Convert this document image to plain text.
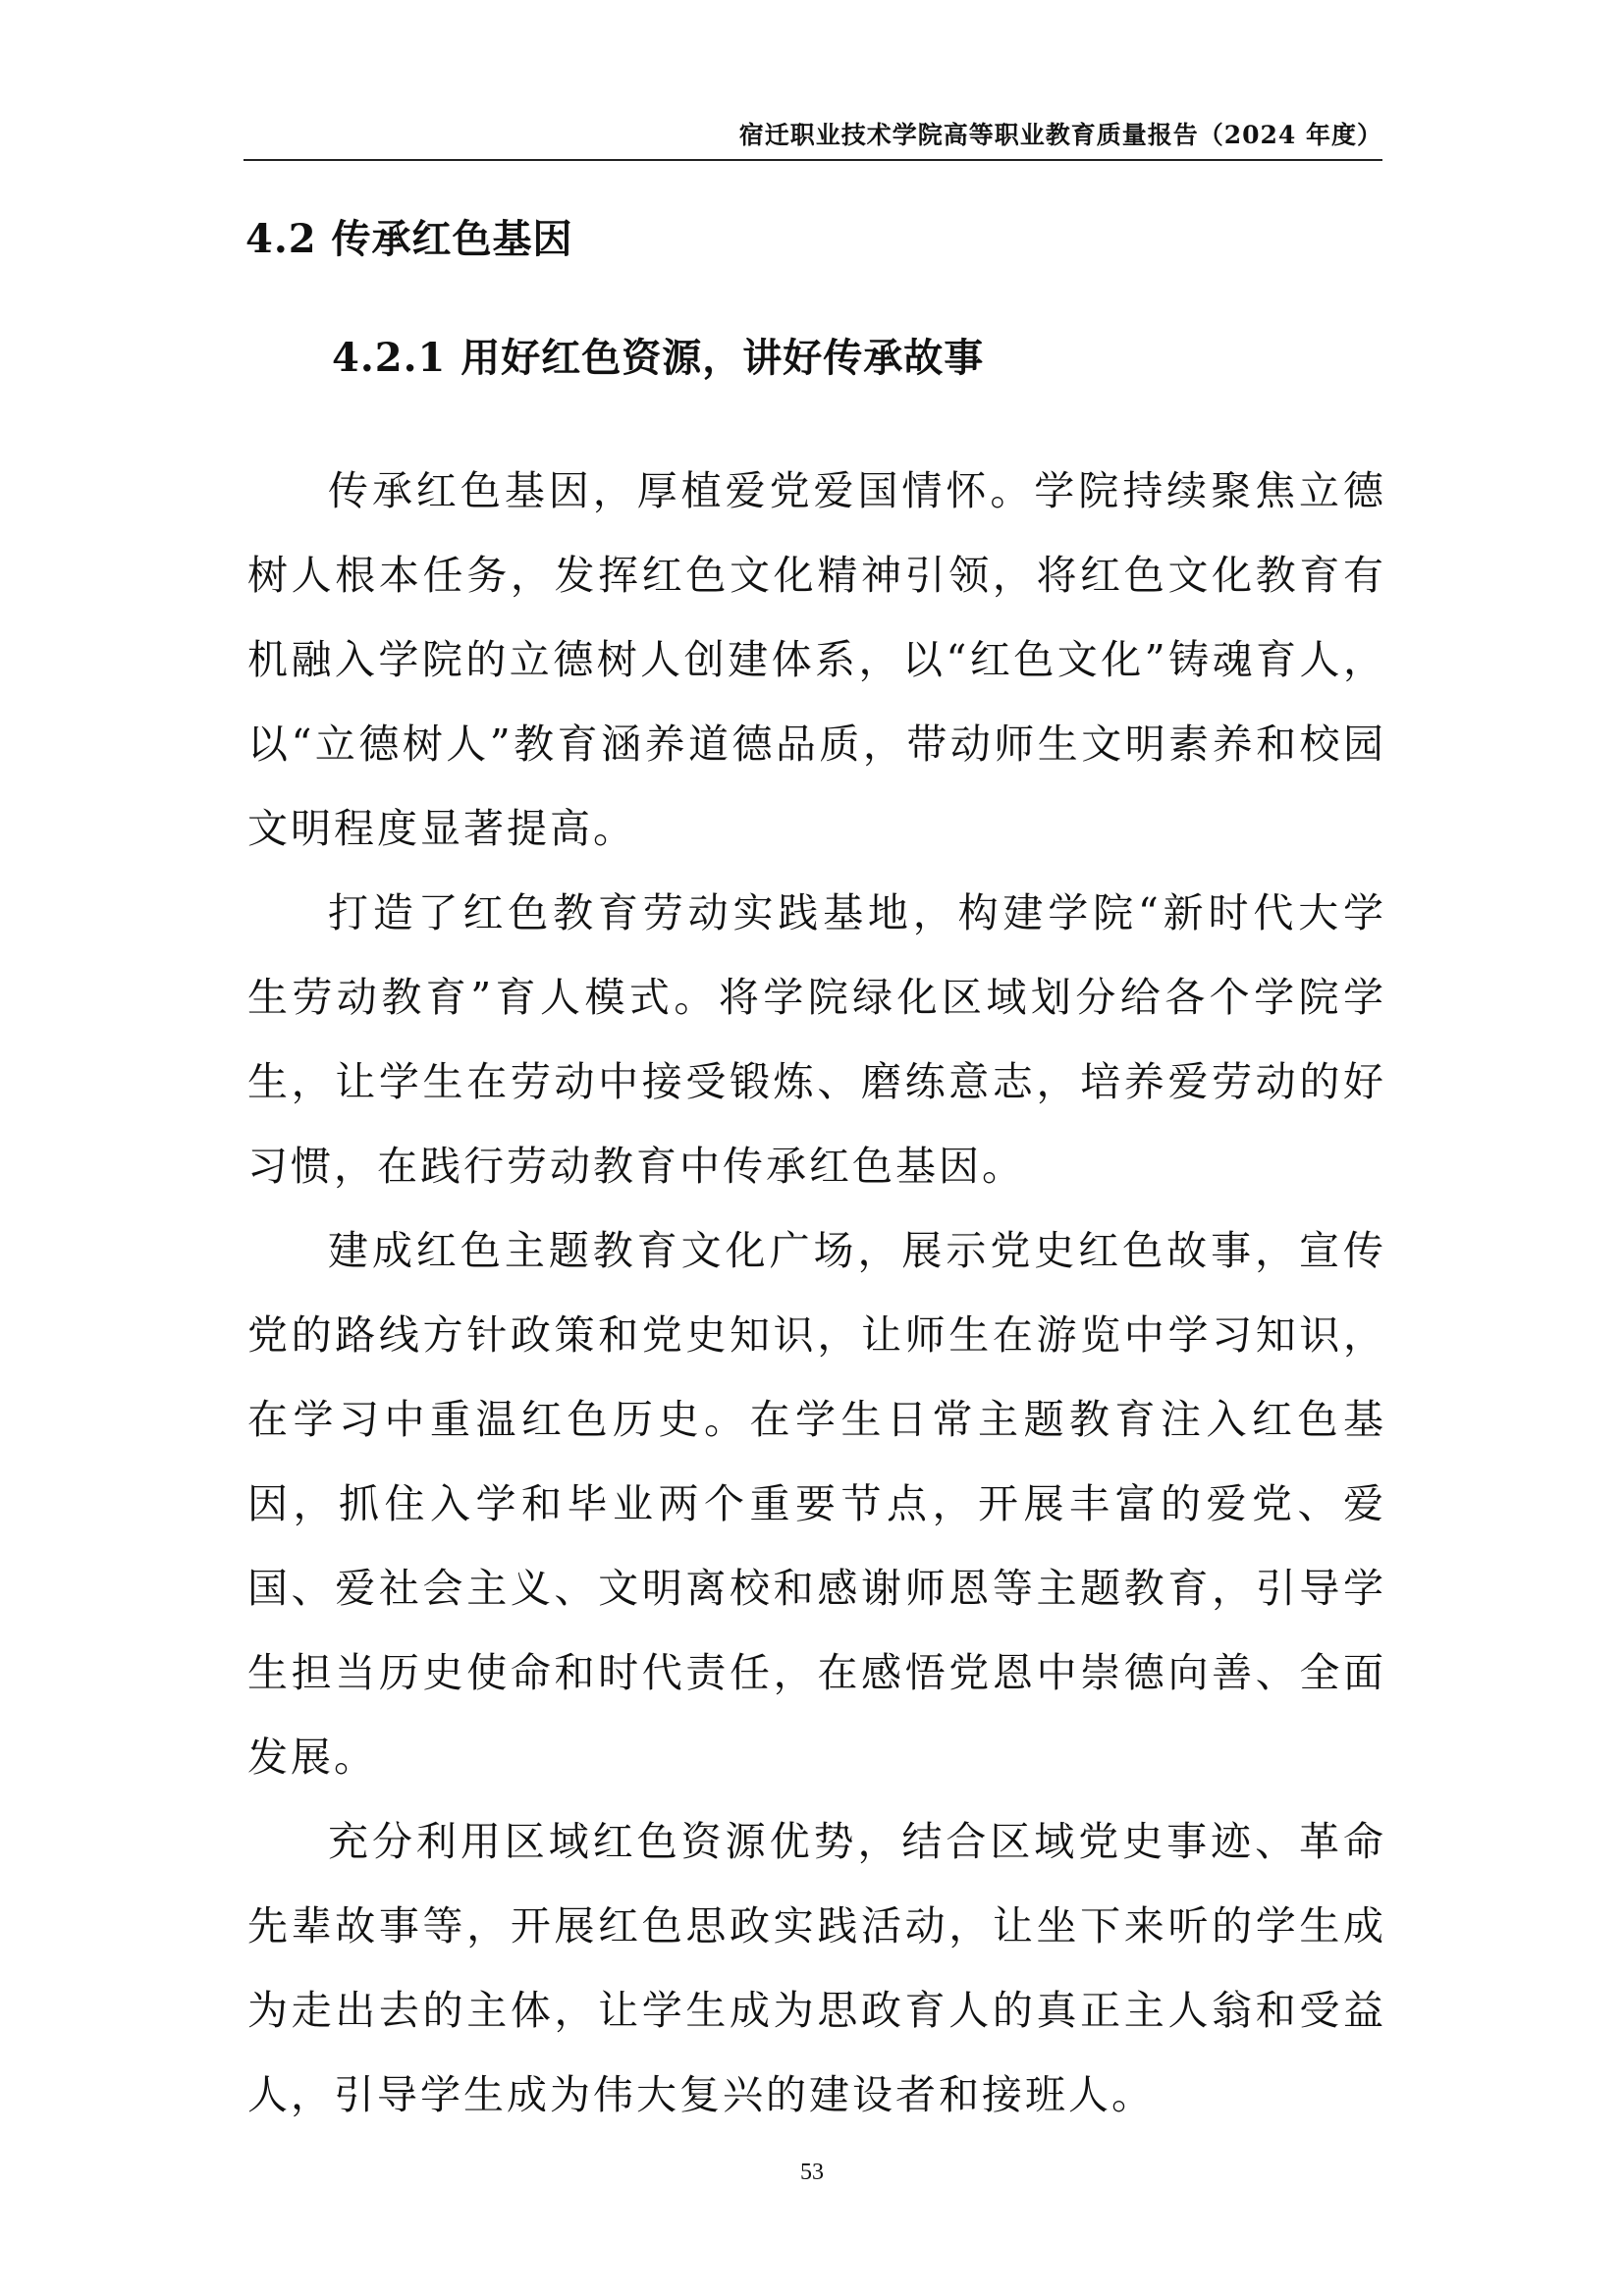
宿迁职业技术学院高等职业教育质量报告（2024 年度）
4.2 传承红色基因
4.2.1 用好红色资源，讲好传承故事

传承红色基因，厚植爱党爱国情怀。学院持续聚焦立德树人根本任务，发挥红色文化精神引领，将红色文化教育有机融入学院的立德树人创建体系，以“红色文化”铸魂育人，以“立德树人”教育涵养道德品质，带动师生文明素养和校园文明程度显著提高。

打造了红色教育劳动实践基地，构建学院“新时代大学生劳动教育”育人模式。将学院绿化区域划分给各个学院学生，让学生在劳动中接受锻炼、磨练意志，培养爱劳动的好习惯，在践行劳动教育中传承红色基因。

建成红色主题教育文化广场，展示党史红色故事，宣传党的路线方针政策和党史知识，让师生在游览中学习知识，在学习中重温红色历史。在学生日常主题教育注入红色基因，抓住入学和毕业两个重要节点，开展丰富的爱党、爱国、爱社会主义、文明离校和感谢师恩等主题教育，引导学生担当历史使命和时代责任，在感悟党恩中崇德向善、全面发展。

充分利用区域红色资源优势，结合区域党史事迹、革命先辈故事等，开展红色思政实践活动，让坐下来听的学生成为走出去的主体，让学生成为思政育人的真正主人翁和受益人，引导学生成为伟大复兴的建设者和接班人。

53
